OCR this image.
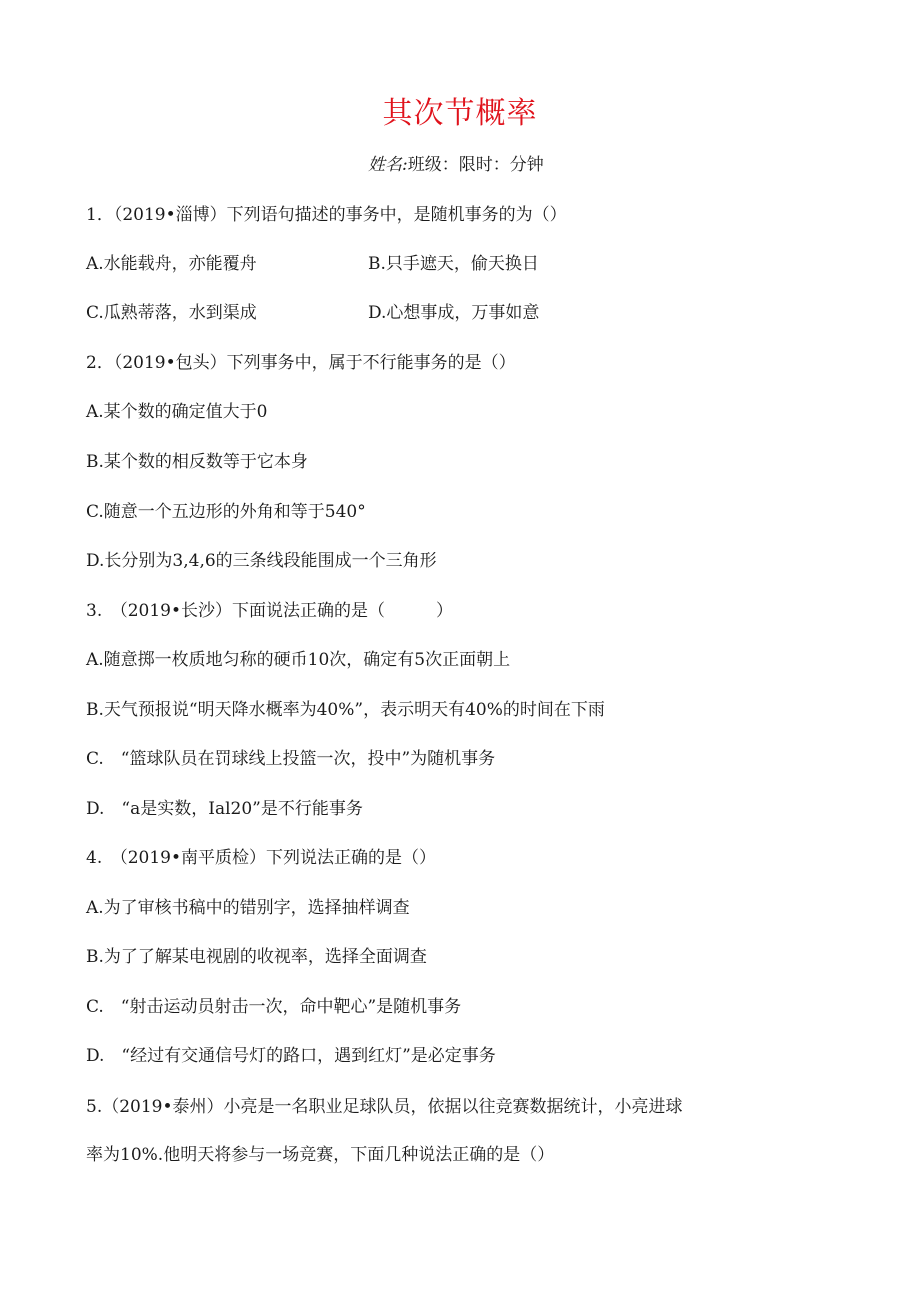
其次节概率
姓名:班级：限时：分钟
1．（2019•淄博）下列语句描述的事务中，是随机事务的为（）
A.水能载舟，亦能覆舟	B.只手遮天，偷天换日
C.瓜熟蒂落，水到渠成	D.心想事成，万事如意
2．（2019•包头）下列事务中，属于不行能事务的是（）
A.某个数的确定值大于0
B.某个数的相反数等于它本身
C.随意一个五边形的外角和等于540°
D.长分别为3,4,6的三条线段能围成一个三角形
3.　（2019•长沙）下面说法正确的是（　　　）
A.随意掷一枚质地匀称的硬币10次，确定有5次正面朝上
B.天气预报说“明天降水概率为40%”，表示明天有40%的时间在下雨
C.　“篮球队员在罚球线上投篮一次，投中”为随机事务
D.　“a是实数，Ial20”是不行能事务
4.　（2019•南平质检）下列说法正确的是（）
A.为了审核书稿中的错别字，选择抽样调查
B.为了了解某电视剧的收视率，选择全面调查
C.　“射击运动员射击一次，命中靶心”是随机事务
D.　“经过有交通信号灯的路口，遇到红灯”是必定事务
5.（2019•泰州）小亮是一名职业足球队员，依据以往竞赛数据统计，小亮进球
率为10%.他明天将参与一场竞赛，下面几种说法正确的是（）
